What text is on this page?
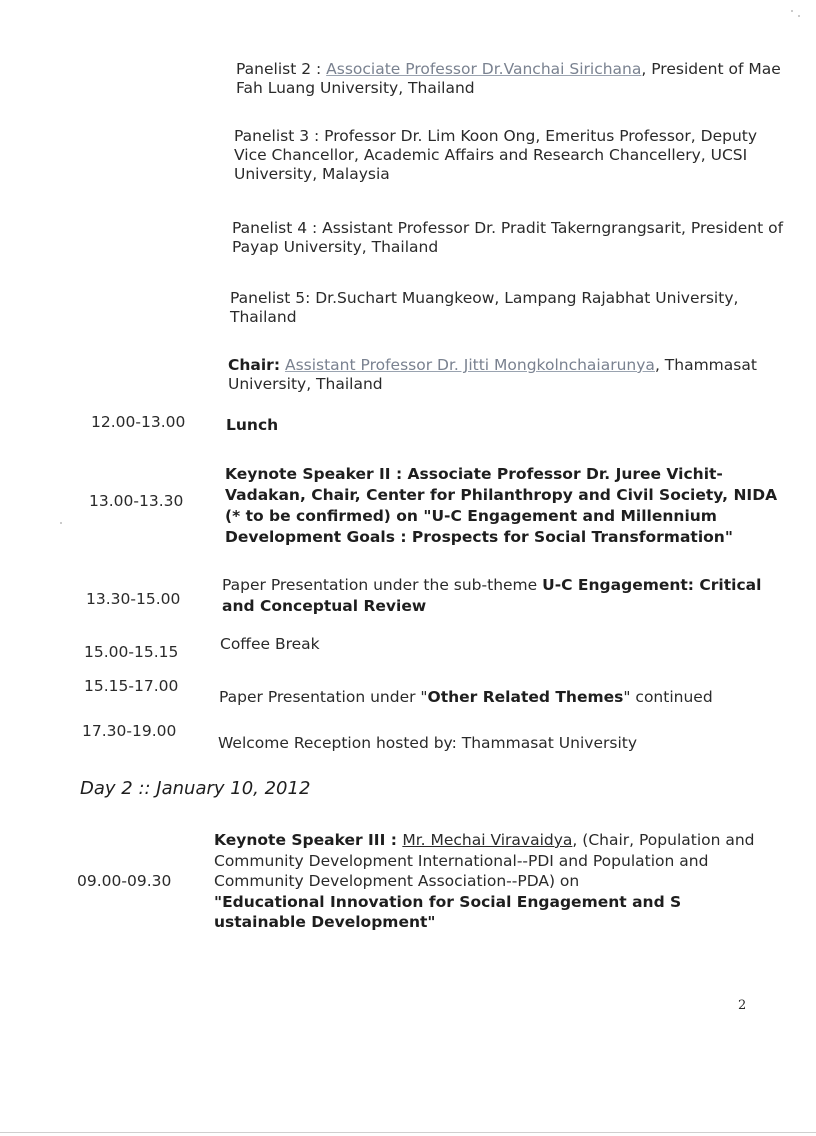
Panelist 2 : Associate Professor Dr.Vanchai Sirichana, President of Mae Fah Luang University, Thailand
Panelist 3 : Professor Dr. Lim Koon Ong, Emeritus Professor, Deputy Vice Chancellor, Academic Affairs and Research Chancellery, UCSI University, Malaysia
Panelist 4 : Assistant Professor Dr. Pradit Takerngrangsarit, President of Payap University, Thailand
Panelist 5: Dr.Suchart Muangkeow, Lampang Rajabhat University, Thailand
Chair: Assistant Professor Dr. Jitti Mongkolnchaiarunya, Thammasat University, Thailand
12.00-13.00	Lunch
13.00-13.30
Keynote Speaker II : Associate Professor Dr. Juree Vichit-Vadakan, Chair, Center for Philanthropy and Civil Society, NIDA (* to be confirmed) on "U-C Engagement and Millennium Development Goals : Prospects for Social Transformation"
13.30-15.00
Paper Presentation under the sub-theme U-C Engagement: Critical and Conceptual Review
15.00-15.15	Coffee Break
15.15-17.00
Paper Presentation under "Other Related Themes" continued
17.30-19.00
Welcome Reception hosted by: Thammasat University
Day 2 :: January 10, 2012
09.00-09.30
Keynote Speaker III : Mr. Mechai Viravaidya, (Chair, Population and Community Development International--PDI and Population and Community Development Association--PDA) on
"Educational Innovation for Social Engagement and S ustainable Development"
2
